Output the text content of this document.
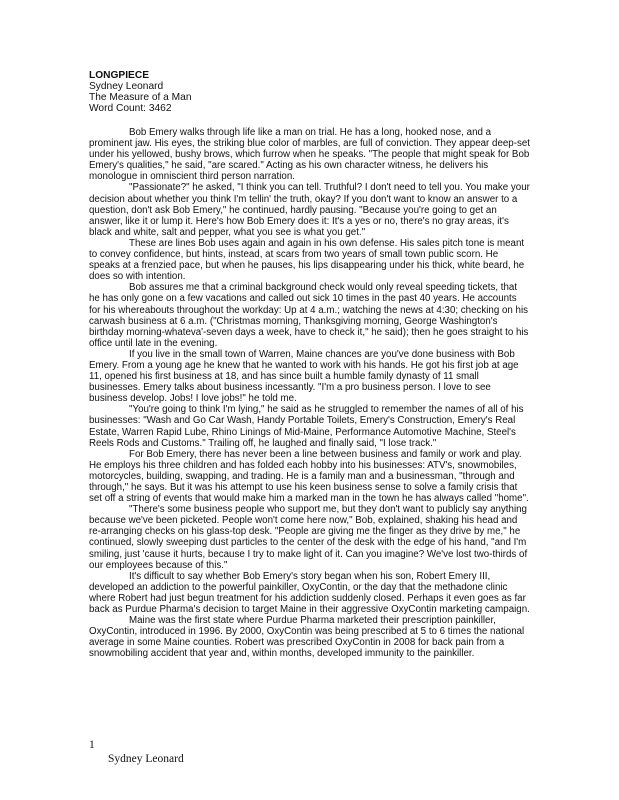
LONGPIECE
Sydney Leonard
The Measure of a Man
Word Count: 3462

Bob Emery walks through life like a man on trial. He has a long, hooked nose, and a prominent jaw. His eyes, the striking blue color of marbles, are full of conviction. They appear deep-set under his yellowed, bushy brows, which furrow when he speaks. "The people that might speak for Bob Emery's qualities," he said, "are scared." Acting as his own character witness, he delivers his monologue in omniscient third person narration.

"Passionate?" he asked, "I think you can tell. Truthful? I don't need to tell you. You make your decision about whether you think I'm tellin' the truth, okay? If you don't want to know an answer to a question, don't ask Bob Emery," he continued, hardly pausing. "Because you're going to get an answer, like it or lump it. Here's how Bob Emery does it: It's a yes or no, there's no gray areas, it's black and white, salt and pepper, what you see is what you get."

These are lines Bob uses again and again in his own defense. His sales pitch tone is meant to convey confidence, but hints, instead, at scars from two years of small town public scorn. He speaks at a frenzied pace, but when he pauses, his lips disappearing under his thick, white beard, he does so with intention.

Bob assures me that a criminal background check would only reveal speeding tickets, that he has only gone on a few vacations and called out sick 10 times in the past 40 years. He accounts for his whereabouts throughout the workday: Up at 4 a.m.; watching the news at 4:30; checking on his carwash business at 6 a.m. ("Christmas morning, Thanksgiving morning, George Washington's birthday morning-whateva'-seven days a week, have to check it," he said); then he goes straight to his office until late in the evening.

If you live in the small town of Warren, Maine chances are you've done business with Bob Emery. From a young age he knew that he wanted to work with his hands. He got his first job at age 11, opened his first business at 18, and has since built a humble family dynasty of 11 small businesses. Emery talks about business incessantly. "I'm a pro business person. I love to see business develop. Jobs! I love jobs!" he told me.

"You're going to think I'm lying," he said as he struggled to remember the names of all of his businesses: "Wash and Go Car Wash, Handy Portable Toilets, Emery's Construction, Emery's Real Estate, Warren Rapid Lube, Rhino Linings of Mid-Maine, Performance Automotive Machine, Steel's Reels Rods and Customs." Trailing off, he laughed and finally said, "I lose track."

For Bob Emery, there has never been a line between business and family or work and play. He employs his three children and has folded each hobby into his businesses: ATV's, snowmobiles, motorcycles, building, swapping, and trading. He is a family man and a businessman, "through and through," he says. But it was his attempt to use his keen business sense to solve a family crisis that set off a string of events that would make him a marked man in the town he has always called "home".

"There's some business people who support me, but they don't want to publicly say anything because we've been picketed. People won't come here now," Bob, explained, shaking his head and re-arranging checks on his glass-top desk. "People are giving me the finger as they drive by me," he continued, slowly sweeping dust particles to the center of the desk with the edge of his hand, "and I'm smiling, just 'cause it hurts, because I try to make light of it. Can you imagine? We've lost two-thirds of our employees because of this."

It's difficult to say whether Bob Emery's story began when his son, Robert Emery III, developed an addiction to the powerful painkiller, OxyContin, or the day that the methadone clinic where Robert had just begun treatment for his addiction suddenly closed. Perhaps it even goes as far back as Purdue Pharma's decision to target Maine in their aggressive OxyContin marketing campaign.

Maine was the first state where Purdue Pharma marketed their prescription painkiller, OxyContin, introduced in 1996. By 2000, OxyContin was being prescribed at 5 to 6 times the national average in some Maine counties. Robert was prescribed OxyContin in 2008 for back pain from a snowmobiling accident that year and, within months, developed immunity to the painkiller.

1
Sydney Leonard
